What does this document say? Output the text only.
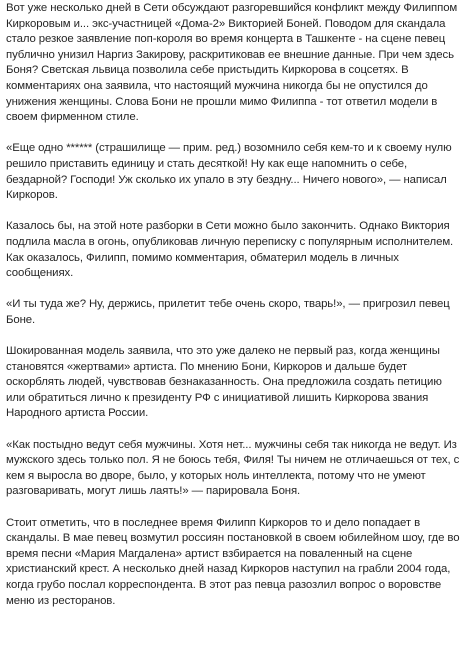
Вот уже несколько дней в Сети обсуждают разгоревшийся конфликт между Филиппом Киркоровым и... экс-участницей «Дома-2» Викторией Боней. Поводом для скандала стало резкое заявление поп-короля во время концерта в Ташкенте - на сцене певец публично унизил Наргиз Закирову, раскритиковав ее внешние данные. При чем здесь Боня? Светская львица позволила себе пристыдить Киркорова в соцсетях. В комментариях она заявила, что настоящий мужчина никогда бы не опустился до унижения женщины. Слова Бони не прошли мимо Филиппа - тот ответил модели в своем фирменном стиле.

«Еще одно ****** (страшилище — прим. ред.) возомнило себя кем-то и к своему нулю решило приставить единицу и стать десяткой! Ну как еще напомнить о себе, бездарной? Господи! Уж сколько их упало в эту бездну... Ничего нового», — написал Киркоров.

Казалось бы, на этой ноте разборки в Сети можно было закончить. Однако Виктория подлила масла в огонь, опубликовав личную переписку с популярным исполнителем. Как оказалось, Филипп, помимо комментария, обматерил модель в личных сообщениях.

«И ты туда же? Ну, держись, прилетит тебе очень скоро, тварь!», — пригрозил певец Боне.

Шокированная модель заявила, что это уже далеко не первый раз, когда женщины становятся «жертвами» артиста. По мнению Бони, Киркоров и дальше будет оскорблять людей, чувствовав безнаказанность. Она предложила создать петицию или обратиться лично к президенту РФ с инициативой лишить Киркорова звания Народного артиста России.

«Как постыдно ведут себя мужчины. Хотя нет... мужчины себя так никогда не ведут. Из мужского здесь только пол. Я не боюсь тебя, Филя! Ты ничем не отличаешься от тех, с кем я выросла во дворе, было, у которых ноль интеллекта, потому что не умеют разговаривать, могут лишь лаять!» — парировала Боня.

Стоит отметить, что в последнее время Филипп Киркоров то и дело попадает в скандалы. В мае певец возмутил россиян постановкой в своем юбилейном шоу, где во время песни «Мария Магдалена» артист взбирается на поваленный на сцене христианский крест. А несколько дней назад Киркоров наступил на грабли 2004 года, когда грубо послал корреспондента. В этот раз певца разозлил вопрос о воровстве меню из ресторанов.
